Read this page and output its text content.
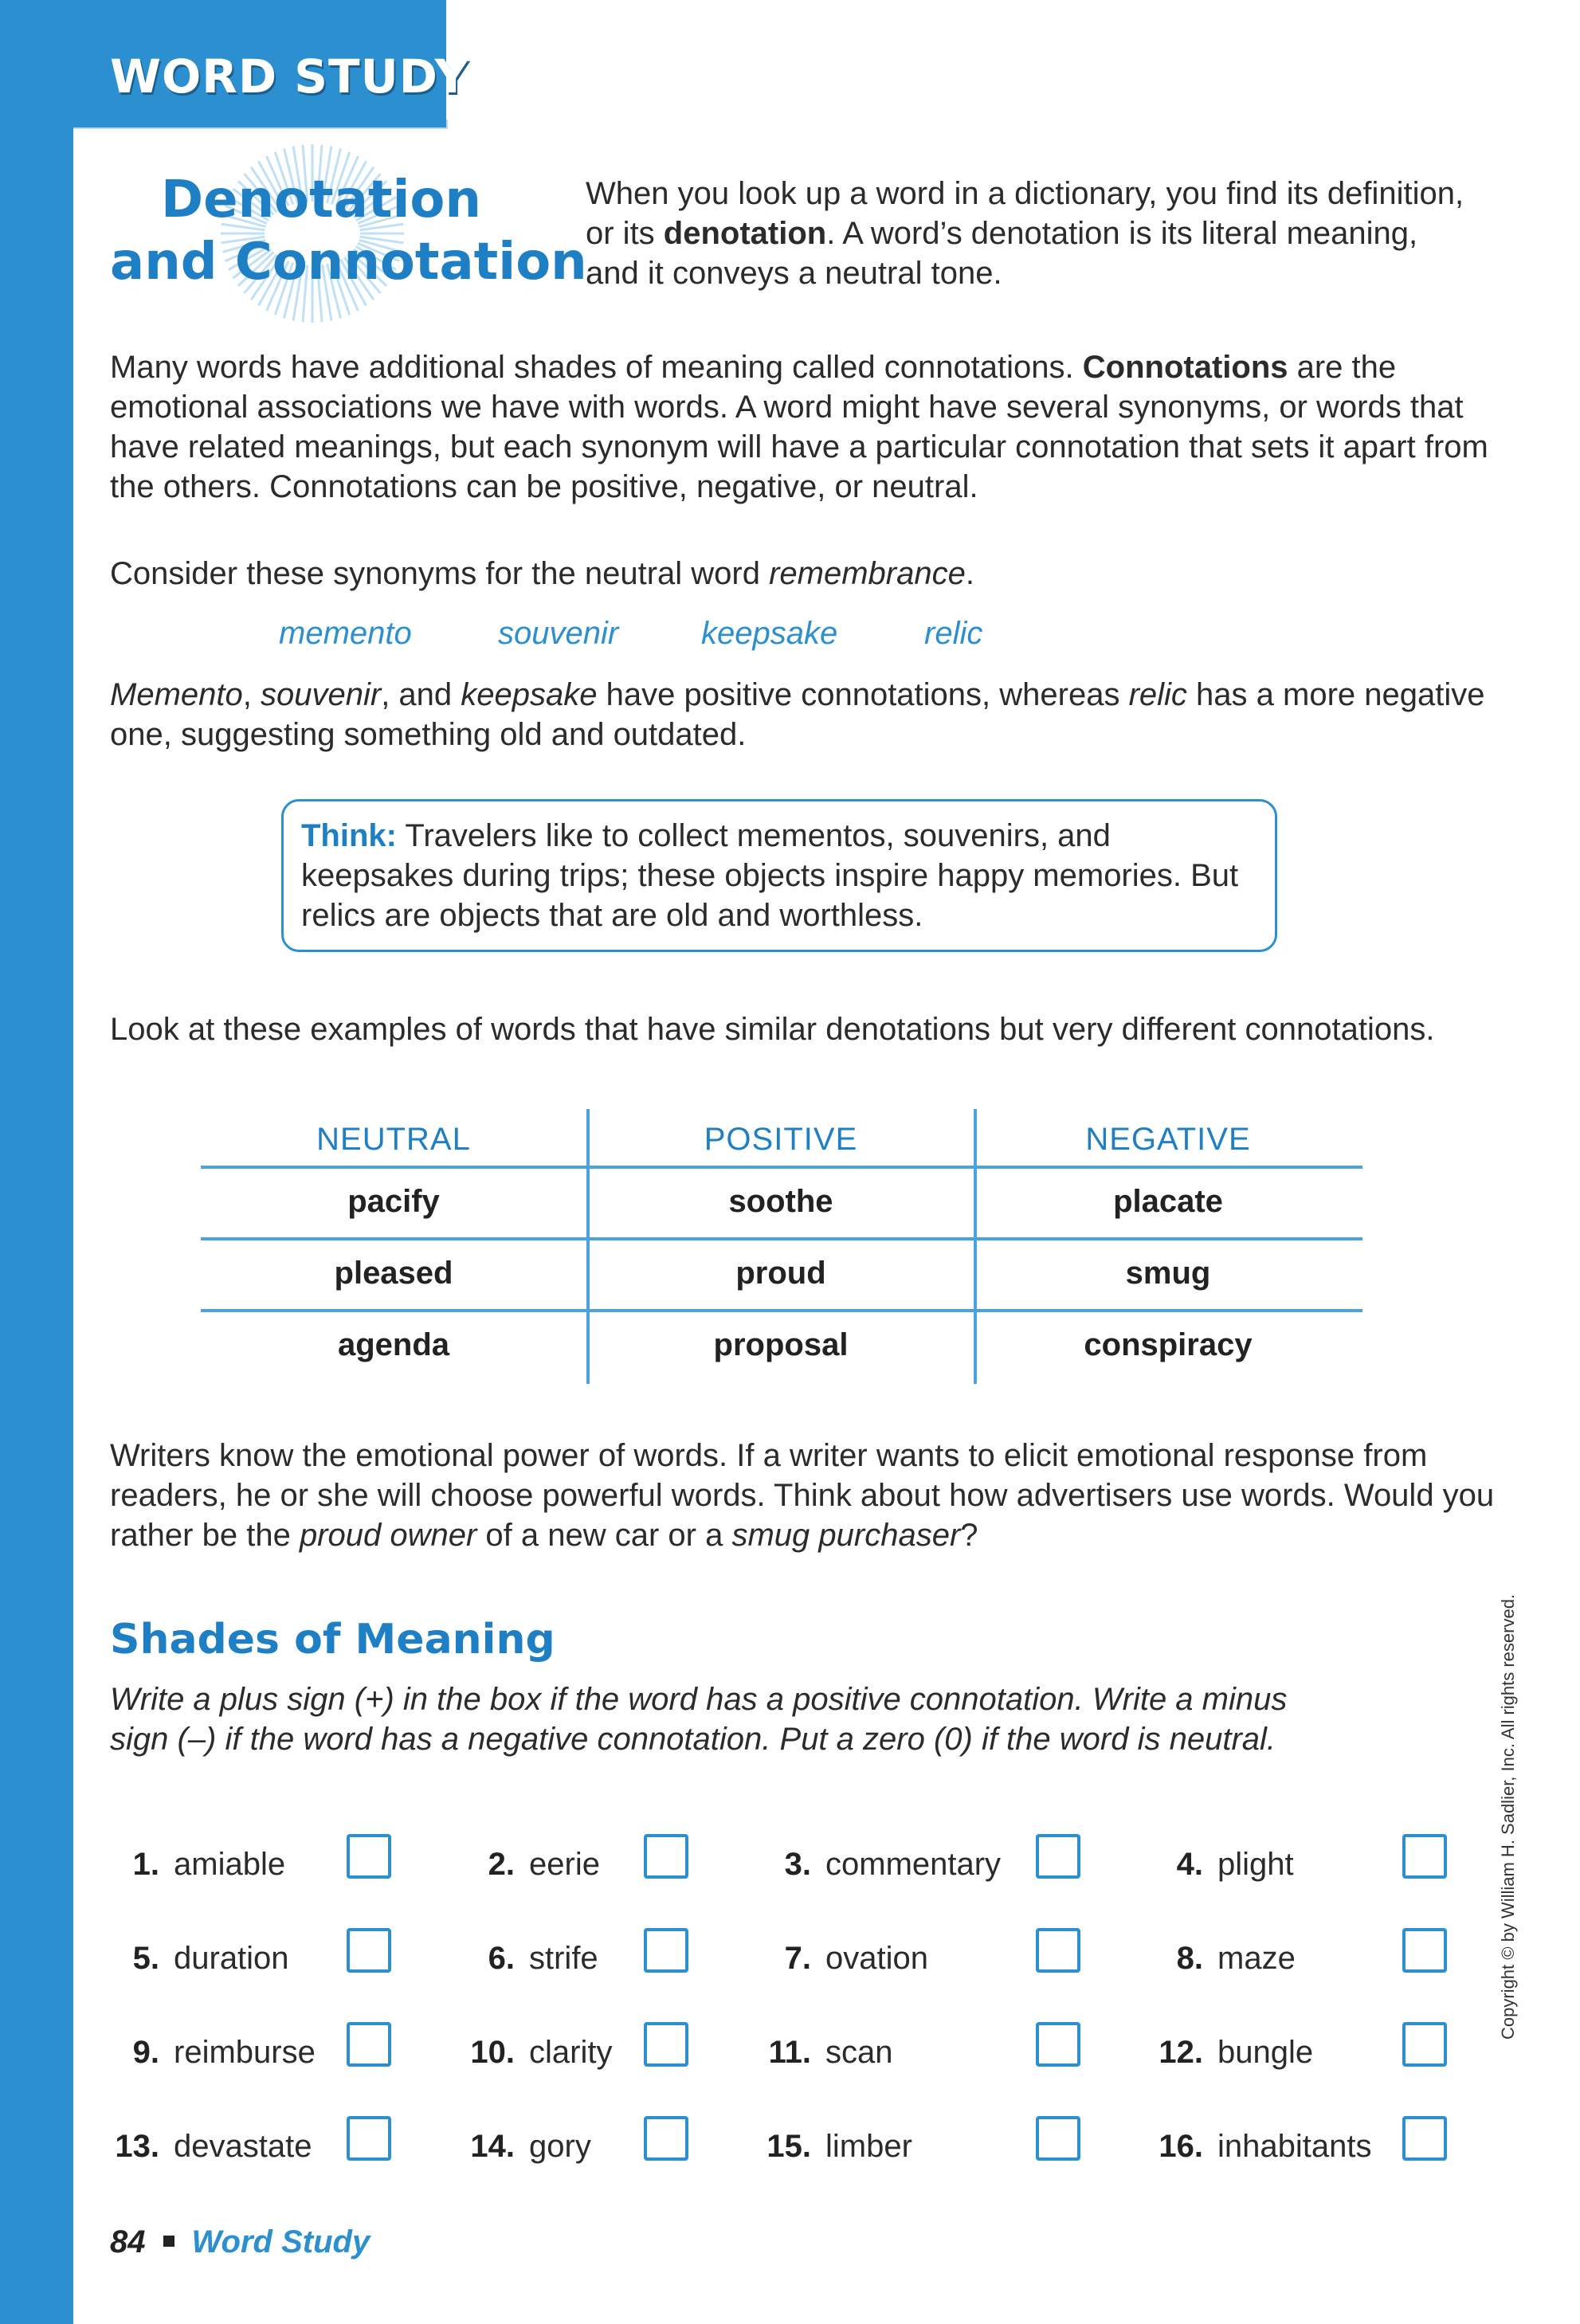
WORD STUDY
Denotation
and Connotation
When you look up a word in a dictionary, you find its definition, or its denotation. A word’s denotation is its literal meaning, and it conveys a neutral tone.
Many words have additional shades of meaning called connotations. Connotations are the emotional associations we have with words. A word might have several synonyms, or words that have related meanings, but each synonym will have a particular connotation that sets it apart from the others. Connotations can be positive, negative, or neutral.
Consider these synonyms for the neutral word remembrance.
memento	souvenir	keepsake	relic
Memento, souvenir, and keepsake have positive connotations, whereas relic has a more negative one, suggesting something old and outdated.
Think: Travelers like to collect mementos, souvenirs, and keepsakes during trips; these objects inspire happy memories. But relics are objects that are old and worthless.
Look at these examples of words that have similar denotations but very different connotations.
NEUTRAL	POSITIVE	NEGATIVE
pacify	soothe	placate
pleased	proud	smug
agenda	proposal	conspiracy
Writers know the emotional power of words. If a writer wants to elicit emotional response from readers, he or she will choose powerful words. Think about how advertisers use words. Would you rather be the proud owner of a new car or a smug purchaser?
Shades of Meaning
Write a plus sign (+) in the box if the word has a positive connotation. Write a minus sign (–) if the word has a negative connotation. Put a zero (0) if the word is neutral.
1. amiable	2. eerie	3. commentary	4. plight
5. duration	6. strife	7. ovation	8. maze
9. reimburse	10. clarity	11. scan	12. bungle
13. devastate	14. gory	15. limber	16. inhabitants
Copyright © by William H. Sadlier, Inc. All rights reserved.
84 Word Study
